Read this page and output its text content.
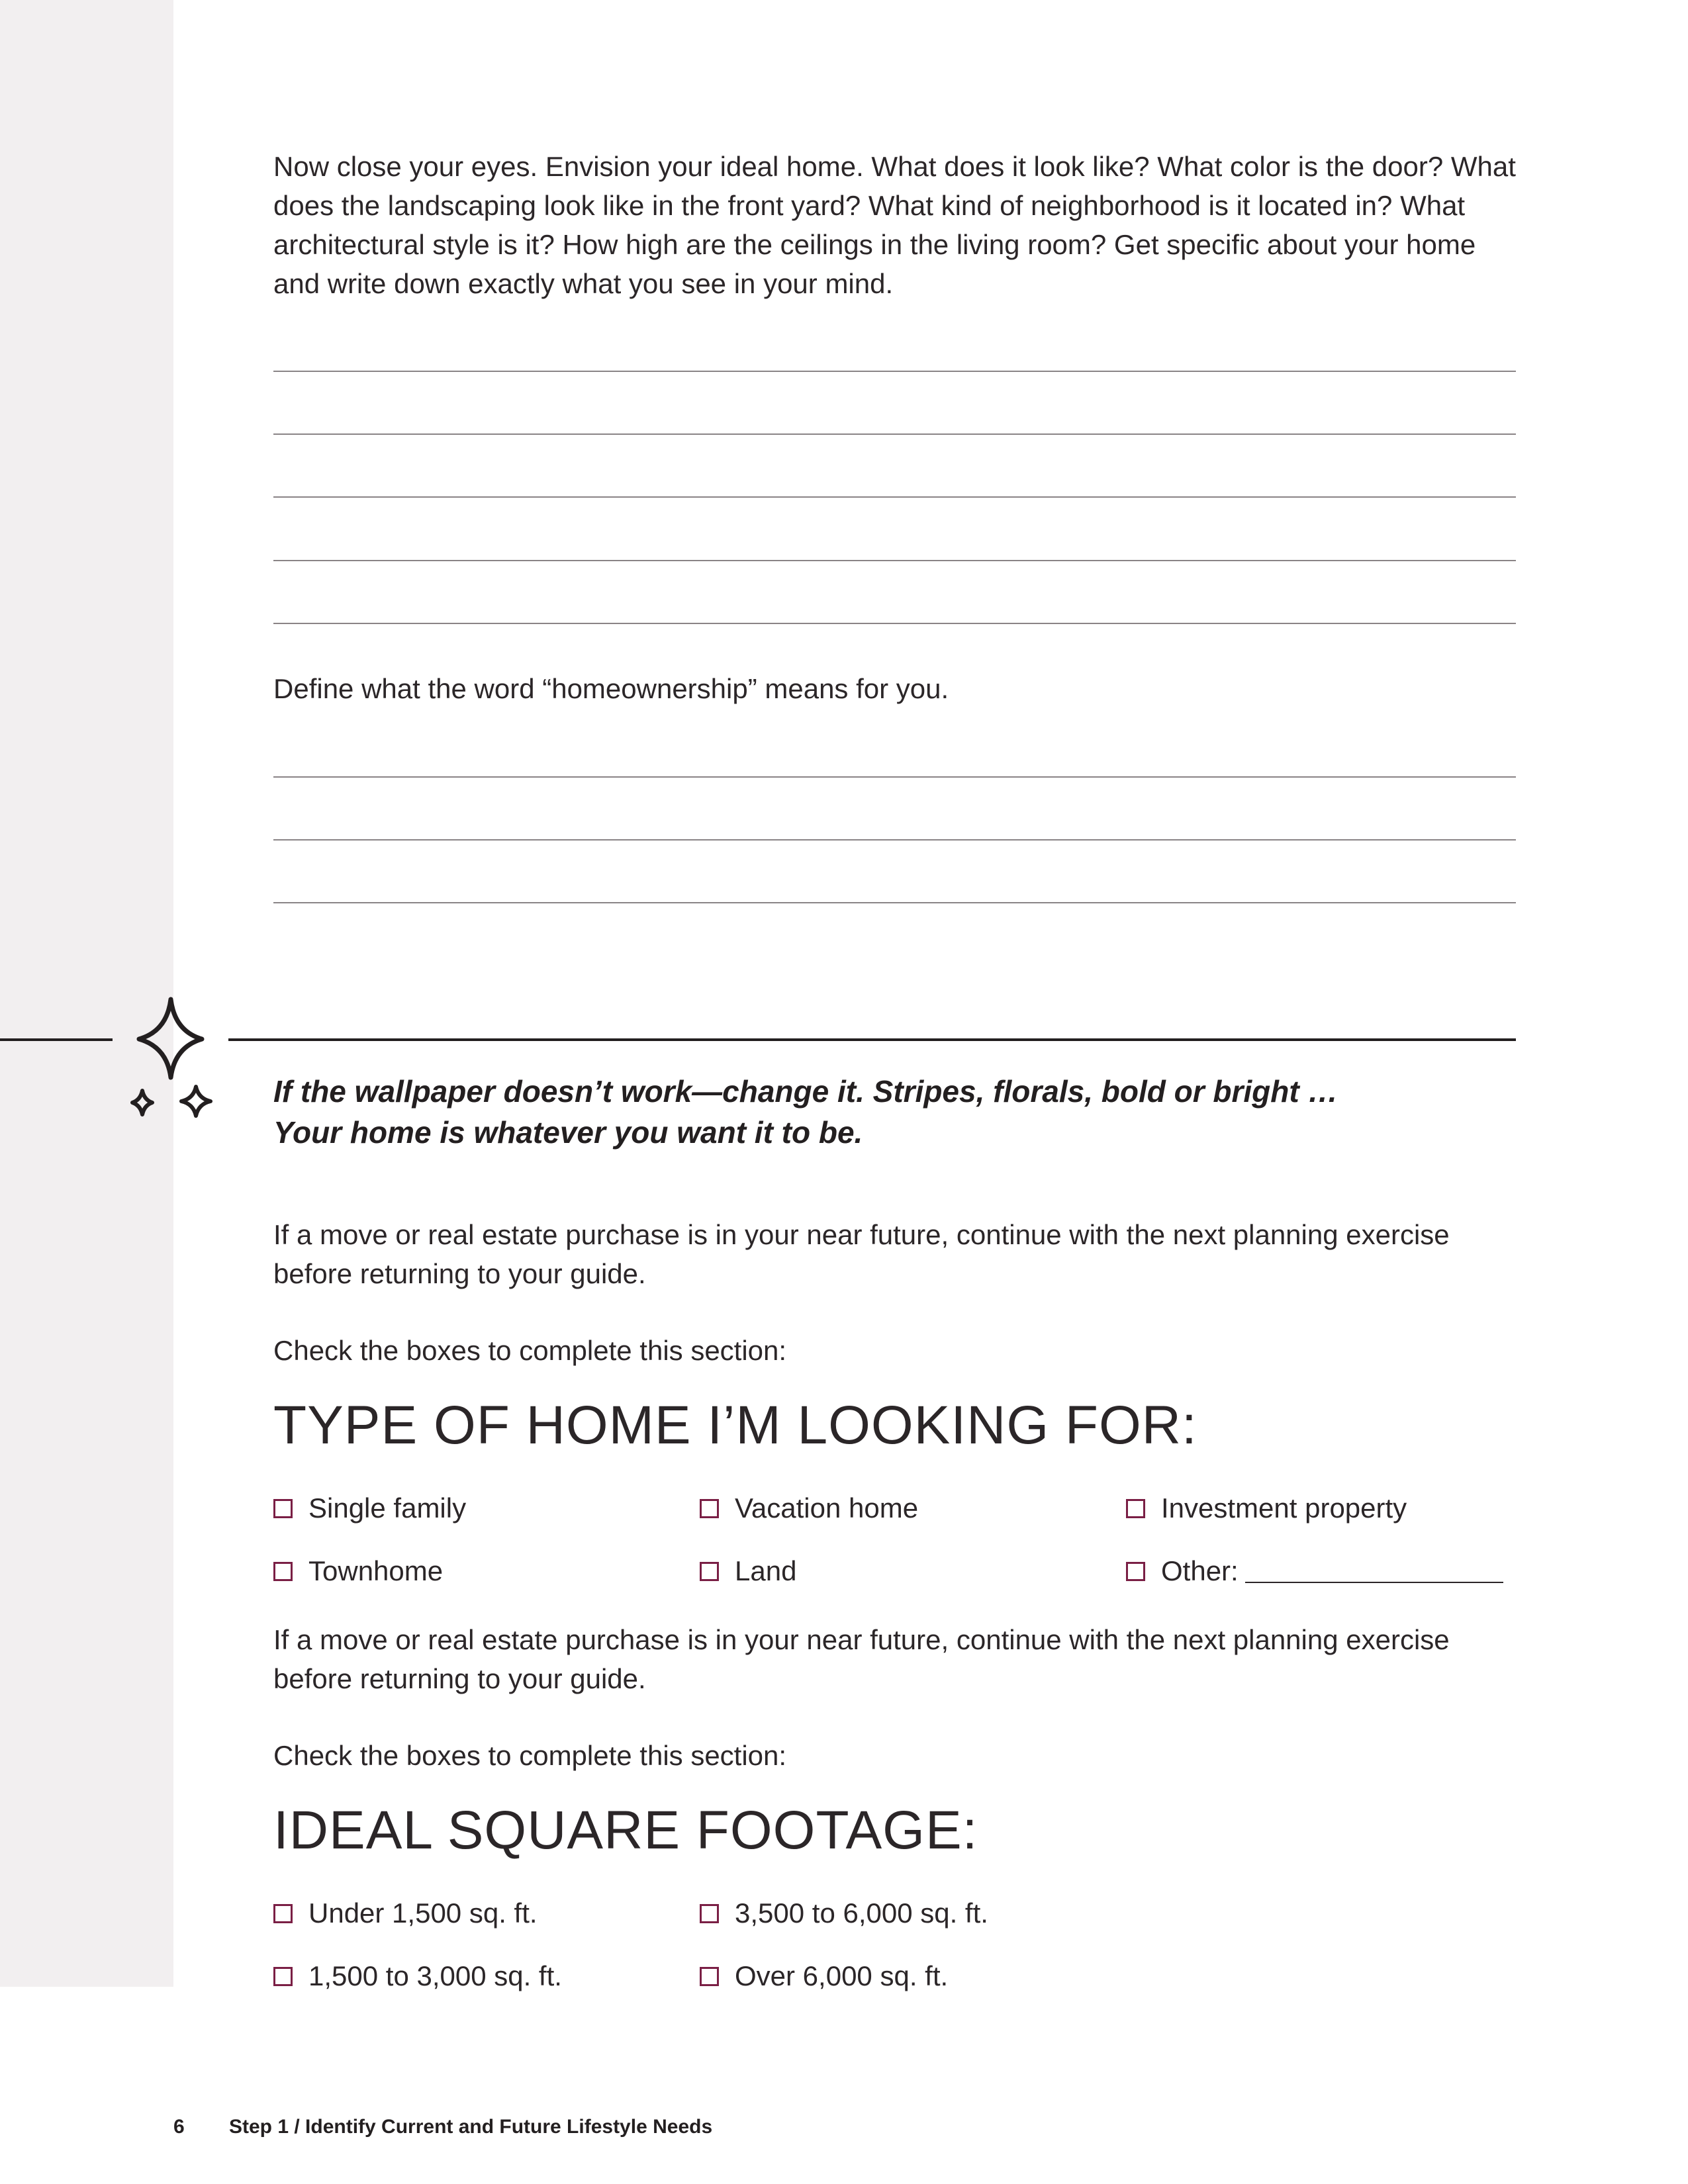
Now close your eyes. Envision your ideal home. What does it look like? What color is the door? What does the landscaping look like in the front yard? What kind of neighborhood is it located in? What architectural style is it? How high are the ceilings in the living room? Get specific about your home and write down exactly what you see in your mind.

Define what the word “homeownership” means for you.

If the wallpaper doesn’t work—change it. Stripes, florals, bold or bright …

Your home is whatever you want it to be.

If a move or real estate purchase is in your near future, continue with the next planning exercise before returning to your guide.

Check the boxes to complete this section:

TYPE OF HOME I’M LOOKING FOR:
Single family	Vacation home	Investment property
Townhome	Land	Other:

If a move or real estate purchase is in your near future, continue with the next planning exercise before returning to your guide.

Check the boxes to complete this section:

IDEAL SQUARE FOOTAGE:
Under 1,500 sq. ft.	3,500 to 6,000 sq. ft.
1,500 to 3,000 sq. ft.	Over 6,000 sq. ft.
6 Step 1 / Identify Current and Future Lifestyle Needs
